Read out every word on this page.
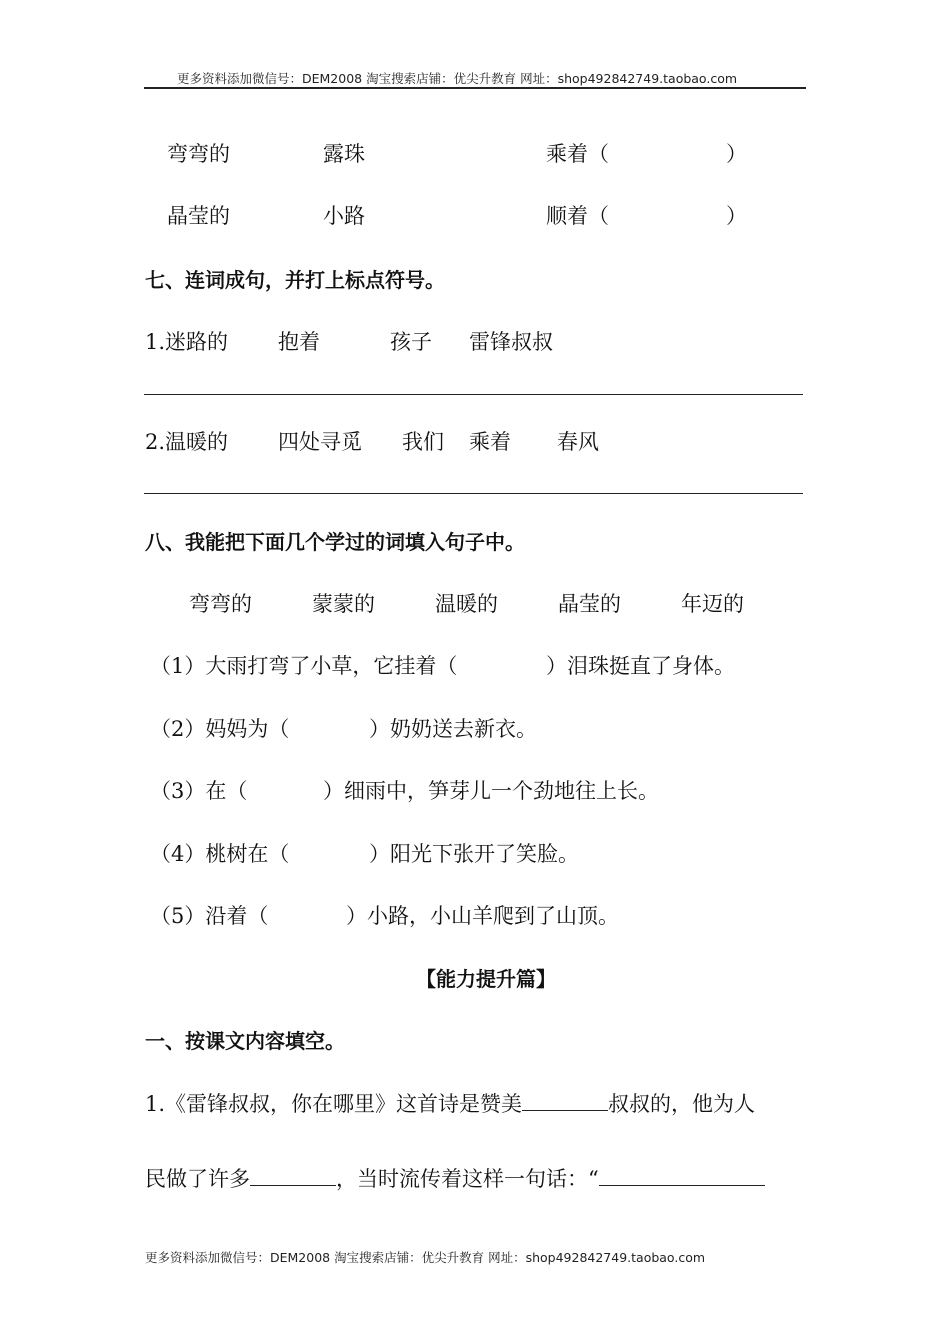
更多资料添加微信号：DEM2008 淘宝搜索店铺：优尖升教育 网址：shop492842749.taobao.com
弯弯的	露珠	乘着（	）
晶莹的	小路	顺着（	）
七、连词成句，并打上标点符号。
1.迷路的 抱着	孩子 雷锋叔叔
2.温暖的 四处寻觅 我们 乘着 春风
八、我能把下面几个学过的词填入句子中。
弯弯的	蒙蒙的	温暖的	晶莹的	年迈的
（1）大雨打弯了小草，它挂着（	）泪珠挺直了身体。
（2）妈妈为（	）奶奶送去新衣。
（3）在（	）细雨中，笋芽儿一个劲地往上长。
（4）桃树在（	）阳光下张开了笑脸。
（5）沿着（	）小路，小山羊爬到了山顶。
【能力提升篇】
一、按课文内容填空。
1.《雷锋叔叔，你在哪里》这首诗是赞美	叔叔的，他为人
民做了许多	，当时流传着这样一句话：“
更多资料添加微信号：DEM2008 淘宝搜索店铺：优尖升教育 网址：shop492842749.taobao.com
